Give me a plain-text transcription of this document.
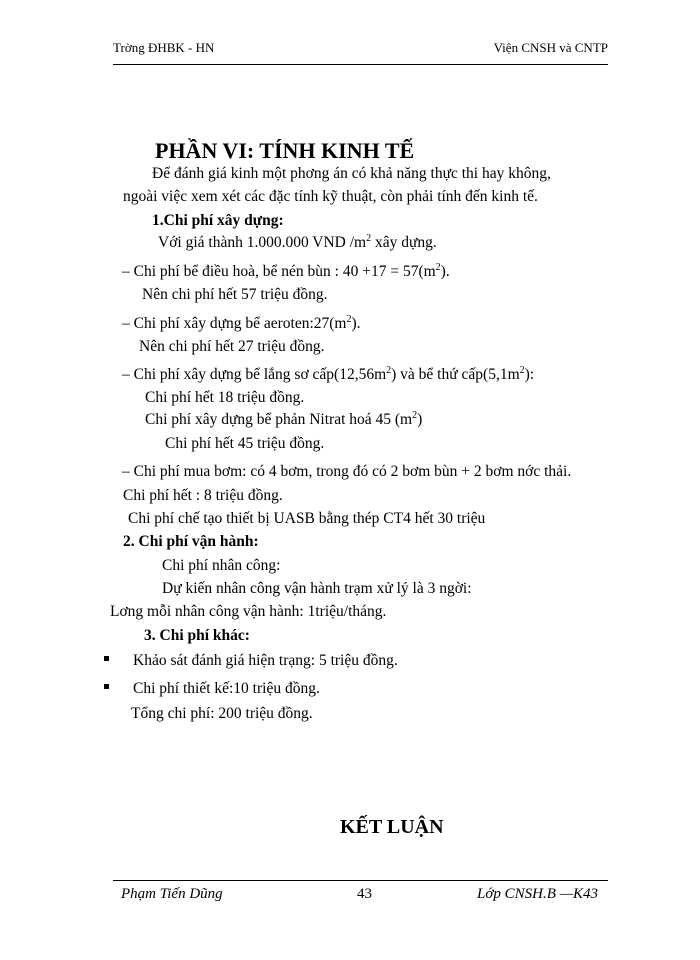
Trờng ĐHBK - HN	Viện CNSH và CNTP
PHẦN VI: TÍNH KINH TẾ
Để đánh giá kinh một phơng án có khả năng thực thi hay không,
ngoài việc xem xét các đặc tính kỹ thuật, còn phải tính đến kinh tế.
1.Chi phí xây dựng:
Với giá thành 1.000.000 VND $/m^2$ xây dựng.
– Chi phí bể điều hoà, bể nén bùn : $40 +17 = 57(m^2)$.
Nên chi phí hết 57 triệu đồng.
– Chi phí xây dựng bể $aeroten:27(m^2)$.
Nên chi phí hết 27 triệu đồng.
– Chi phí xây dựng bể lắng sơ $cấp(12,56m^2)$ và bể thứ $cấp(5,1m^2)$:
Chi phí hết 18 triệu đồng.
Chi phí xây dựng bể phản Nitrat hoá 45 $(m^2)$
Chi phí hết 45 triệu đồng.
– Chi phí mua bơm: có 4 bơm, trong đó có 2 bơm bùn + 2 bơm nớc thải.
Chi phí hết : 8 triệu đồng.
Chi phí chế tạo thiết bị UASB bằng thép CT4 hết 30 triệu
2. Chi phí vận hành:
Chi phí nhân công:
Dự kiến nhân công vận hành trạm xử lý là 3 ngời:
Lơng mỗi nhân công vận hành: 1triệu/tháng.
3. Chi phí khác:
Khảo sát đánh giá hiện trạng: 5 triệu đồng.
Chi phí thiết kế:10 triệu đồng.
Tổng chi phí: 200 triệu đồng.
KẾT LUẬN
Phạm Tiến Dũng	43	Lớp CNSH.B —K43
